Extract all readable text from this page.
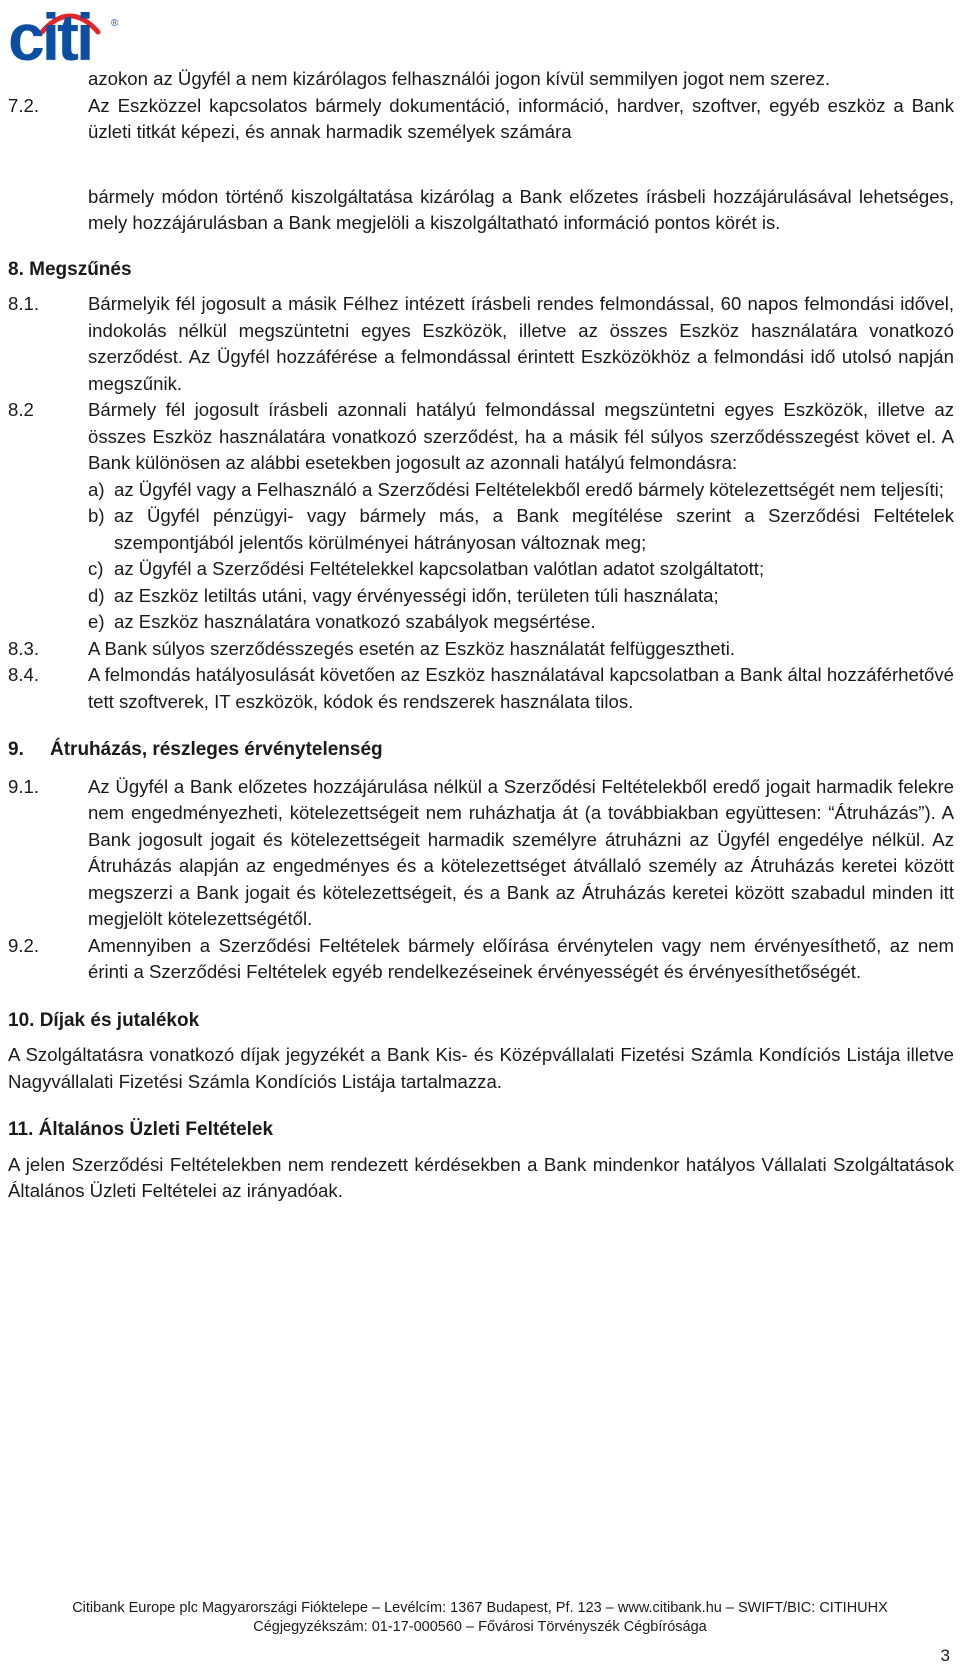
citi ®

azokon az Ügyfél a nem kizárólagos felhasználói jogon kívül semmilyen jogot nem szerez.

7.2.	Az Eszközzel kapcsolatos bármely dokumentáció, információ, hardver, szoftver, egyéb eszköz a Bank üzleti titkát képezi, és annak harmadik személyek számára

bármely módon történő kiszolgáltatása kizárólag a Bank előzetes írásbeli hozzájárulásával lehetséges, mely hozzájárulásban a Bank megjelöli a kiszolgáltatható információ pontos körét is.

8. Megszűnés
8.1.	Bármelyik fél jogosult a másik Félhez intézett írásbeli rendes felmondással, 60 napos felmondási idővel, indokolás nélkül megszüntetni egyes Eszközök, illetve az összes Eszköz használatára vonatkozó szerződést. Az Ügyfél hozzáférése a felmondással érintett Eszközökhöz a felmondási idő utolsó napján megszűnik.
8.2	Bármely fél jogosult írásbeli azonnali hatályú felmondással megszüntetni egyes Eszközök, illetve az összes Eszköz használatára vonatkozó szerződést, ha a másik fél súlyos szerződésszegést követ el. A Bank különösen az alábbi esetekben jogosult az azonnali hatályú felmondásra:
a) az Ügyfél vagy a Felhasználó a Szerződési Feltételekből eredő bármely kötelezettségét nem teljesíti;
b) az Ügyfél pénzügyi- vagy bármely más, a Bank megítélése szerint a Szerződési Feltételek szempontjából jelentős körülményei hátrányosan változnak meg;
c) az Ügyfél a Szerződési Feltételekkel kapcsolatban valótlan adatot szolgáltatott;
d) az Eszköz letiltás utáni, vagy érvényességi időn, területen túli használata;
e) az Eszköz használatára vonatkozó szabályok megsértése.
8.3.	A Bank súlyos szerződésszegés esetén az Eszköz használatát felfüggesztheti.
8.4.	A felmondás hatályosulását követően az Eszköz használatával kapcsolatban a Bank által hozzáférhetővé tett szoftverek, IT eszközök, kódok és rendszerek használata tilos.
9. Átruházás, részleges érvénytelenség
9.1.	Az Ügyfél a Bank előzetes hozzájárulása nélkül a Szerződési Feltételekből eredő jogait harmadik felekre nem engedményezheti, kötelezettségeit nem ruházhatja át (a továbbiakban együttesen: “Átruházás”). A Bank jogosult jogait és kötelezettségeit harmadik személyre átruházni az Ügyfél engedélye nélkül. Az Átruházás alapján az engedményes és a kötelezettséget átvállaló személy az Átruházás keretei között megszerzi a Bank jogait és kötelezettségeit, és a Bank az Átruházás keretei között szabadul minden itt megjelölt kötelezettségétől.
9.2.	Amennyiben a Szerződési Feltételek bármely előírása érvénytelen vagy nem érvényesíthető, az nem érinti a Szerződési Feltételek egyéb rendelkezéseinek érvényességét és érvényesíthetőségét.
10. Díjak és jutalékok

A Szolgáltatásra vonatkozó díjak jegyzékét a Bank Kis- és Középvállalati Fizetési Számla Kondíciós Listája illetve Nagyvállalati Fizetési Számla Kondíciós Listája tartalmazza.

11. Általános Üzleti Feltételek

A jelen Szerződési Feltételekben nem rendezett kérdésekben a Bank mindenkor hatályos Vállalati Szolgáltatások Általános Üzleti Feltételei az irányadóak.

Citibank Europe plc Magyarországi Fióktelepe – Levélcím: 1367 Budapest, Pf. 123 – www.citibank.hu – SWIFT/BIC: CITIHUHX
Cégjegyzékszám: 01-17-000560 – Fővárosi Törvényszék Cégbírósága
3
